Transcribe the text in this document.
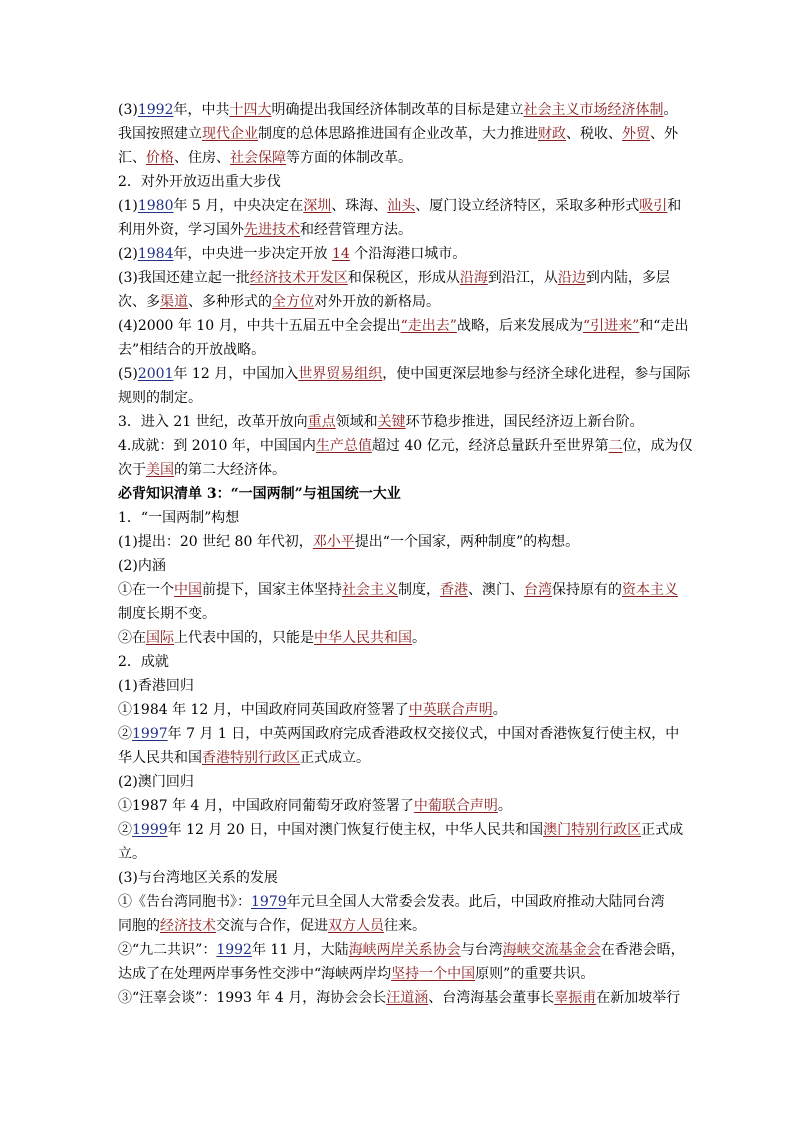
(3)1992年，中共十四大明确提出我国经济体制改革的目标是建立社会主义市场经济体制。
我国按照建立现代企业制度的总体思路推进国有企业改革，大力推进财政、税收、外贸、外
汇、价格、住房、社会保障等方面的体制改革。
2．对外开放迈出重大步伐
(1)1980年 5 月，中央决定在深圳、珠海、汕头、厦门设立经济特区，采取多种形式吸引和
利用外资，学习国外先进技术和经营管理方法。
(2)1984年，中央进一步决定开放 14 个沿海港口城市。
(3)我国还建立起一批经济技术开发区和保税区，形成从沿海到沿江，从沿边到内陆，多层
次、多渠道、多种形式的全方位对外开放的新格局。
(4)2000 年 10 月，中共十五届五中全会提出“走出去”战略，后来发展成为“引进来”和“走出
去”相结合的开放战略。
(5)2001年 12 月，中国加入世界贸易组织，使中国更深层地参与经济全球化进程，参与国际
规则的制定。
3．进入 21 世纪，改革开放向重点领域和关键环节稳步推进，国民经济迈上新台阶。
4.成就：到 2010 年，中国国内生产总值超过 40 亿元，经济总量跃升至世界第二位，成为仅
次于美国的第二大经济体。
必背知识清单 3：“一国两制”与祖国统一大业
1．“一国两制”构想
(1)提出：20 世纪 80 年代初，邓小平提出“一个国家，两种制度”的构想。
(2)内涵
①在一个中国前提下，国家主体坚持社会主义制度，香港、澳门、台湾保持原有的资本主义
制度长期不变。
②在国际上代表中国的，只能是中华人民共和国。
2．成就
(1)香港回归
①1984 年 12 月，中国政府同英国政府签署了中英联合声明。
②1997年 7 月 1 日，中英两国政府完成香港政权交接仪式，中国对香港恢复行使主权，中
华人民共和国香港特别行政区正式成立。
(2)澳门回归
①1987 年 4 月，中国政府同葡萄牙政府签署了中葡联合声明。
②1999年 12 月 20 日，中国对澳门恢复行使主权，中华人民共和国澳门特别行政区正式成
立。
(3)与台湾地区关系的发展
①《告台湾同胞书》：1979年元旦全国人大常委会发表。此后，中国政府推动大陆同台湾
同胞的经济技术交流与合作，促进双方人员往来。
②“九二共识”：1992年 11 月，大陆海峡两岸关系协会与台湾海峡交流基金会在香港会晤，
达成了在处理两岸事务性交涉中“海峡两岸均坚持一个中国原则”的重要共识。
③“汪辜会谈”：1993 年 4 月，海协会会长汪道涵、台湾海基会董事长辜振甫在新加坡举行
